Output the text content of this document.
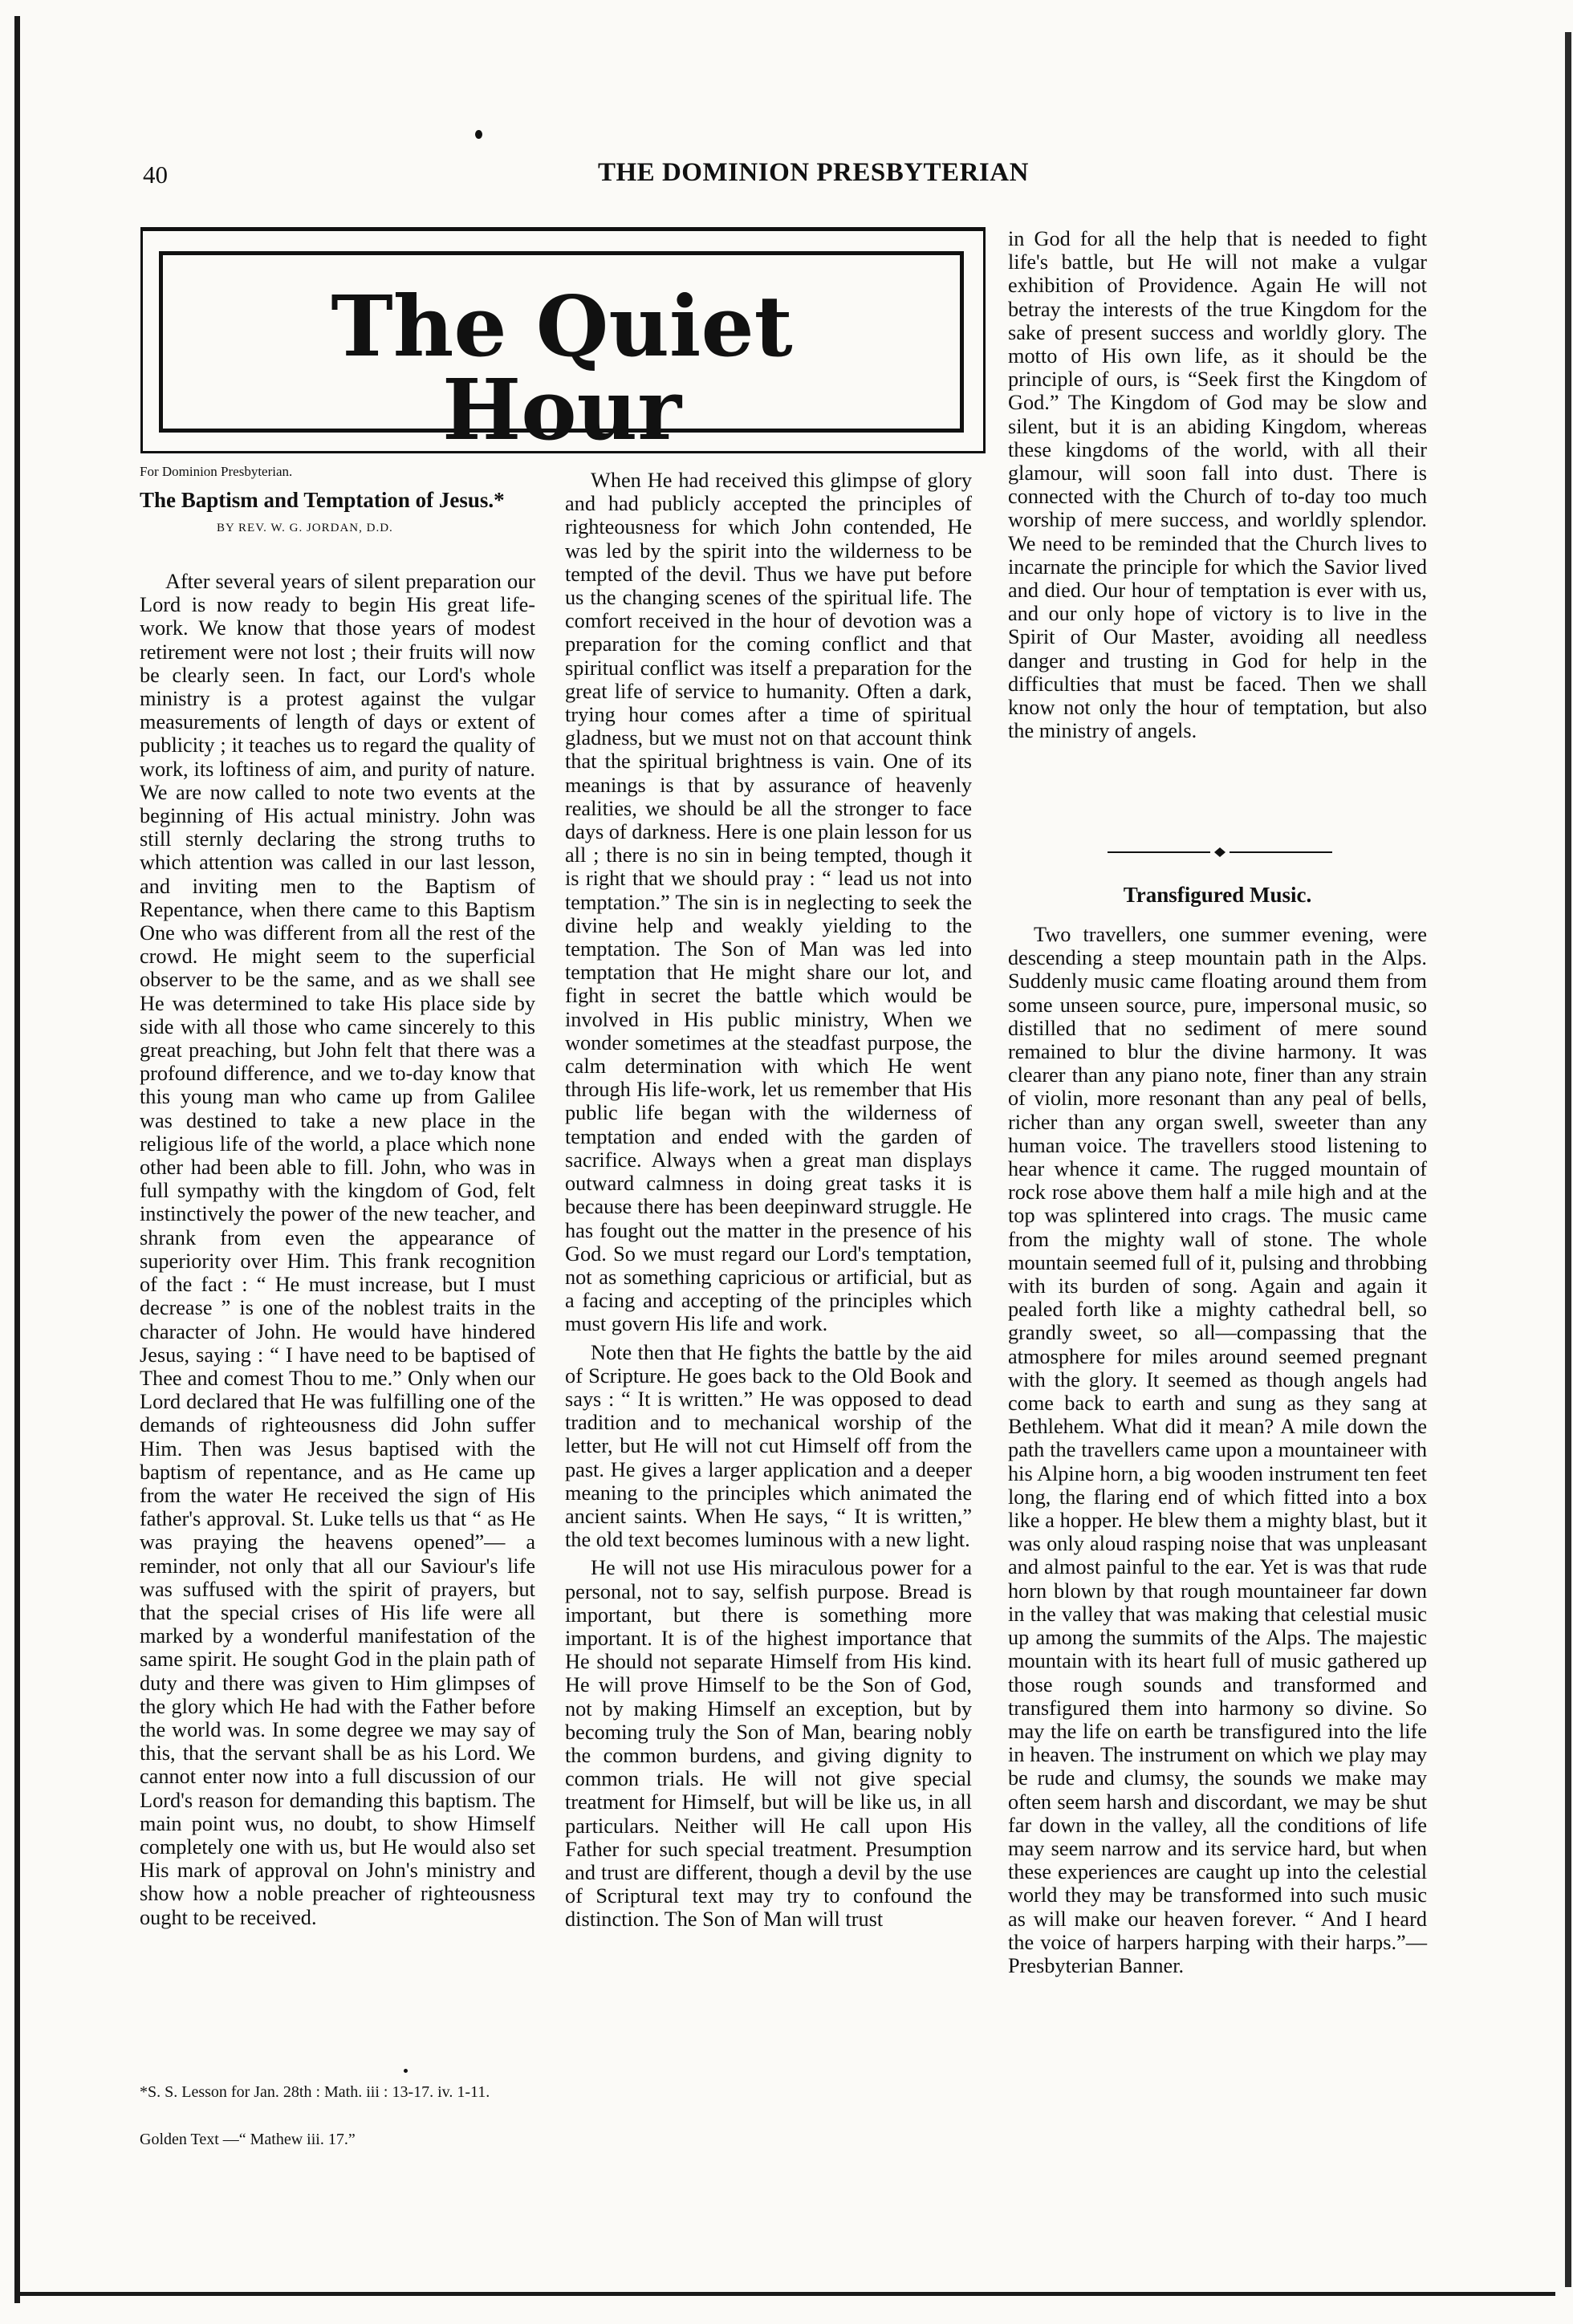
40	THE DOMINION PRESBYTERIAN
The Quiet Hour
For Dominion Presbyterian.
The Baptism and Temptation of Jesus.*
BY REV. W. G. JORDAN, D.D.

After several years of silent preparation our Lord is now ready to begin His great life-work. We know that those years of modest retirement were not lost ; their fruits will now be clearly seen. In fact, our Lord's whole ministry is a protest against the vulgar measurements of length of days or extent of publicity ; it teaches us to regard the quality of work, its loftiness of aim, and purity of nature. We are now called to note two events at the beginning of His actual ministry. John was still sternly declaring the strong truths to which attention was called in our last lesson, and inviting men to the Baptism of Repentance, when there came to this Baptism One who was different from all the rest of the crowd. He might seem to the superficial observer to be the same, and as we shall see He was determined to take His place side by side with all those who came sincerely to this great preaching, but John felt that there was a profound difference, and we to-day know that this young man who came up from Galilee was destined to take a new place in the religious life of the world, a place which none other had been able to fill. John, who was in full sympathy with the kingdom of God, felt instinctively the power of the new teacher, and shrank from even the appearance of superiority over Him. This frank recognition of the fact : “ He must increase, but I must decrease ” is one of the noblest traits in the character of John. He would have hindered Jesus, saying : “ I have need to be baptised of Thee and comest Thou to me.” Only when our Lord declared that He was fulfilling one of the demands of righteousness did John suffer Him. Then was Jesus baptised with the baptism of repentance, and as He came up from the water He received the sign of His father's approval. St. Luke tells us that “ as He was praying the heavens opened”— a reminder, not only that all our Saviour's life was suffused with the spirit of prayers, but that the special crises of His life were all marked by a wonderful manifestation of the same spirit. He sought God in the plain path of duty and there was given to Him glimpses of the glory which He had with the Father before the world was. In some degree we may say of this, that the servant shall be as his Lord. We cannot enter now into a full discussion of our Lord's reason for demanding this baptism. The main point wus, no doubt, to show Himself completely one with us, but He would also set His mark of approval on John's ministry and show how a noble preacher of righteousness ought to be received.

*S. S. Lesson for Jan. 28th : Math. iii : 13-17. iv. 1-11.
Golden Text —“ Mathew iii. 17.”

When He had received this glimpse of glory and had publicly accepted the principles of righteousness for which John contended, He was led by the spirit into the wilderness to be tempted of the devil. Thus we have put before us the changing scenes of the spiritual life. The comfort received in the hour of devotion was a preparation for the coming conflict and that spiritual conflict was itself a preparation for the great life of service to humanity. Often a dark, trying hour comes after a time of spiritual gladness, but we must not on that account think that the spiritual brightness is vain. One of its meanings is that by assurance of heavenly realities, we should be all the stronger to face days of darkness. Here is one plain lesson for us all ; there is no sin in being tempted, though it is right that we should pray : “ lead us not into temptation.” The sin is in neglecting to seek the divine help and weakly yielding to the temptation. The Son of Man was led into temptation that He might share our lot, and fight in secret the battle which would be involved in His public ministry, When we wonder sometimes at the steadfast purpose, the calm determination with which He went through His life-work, let us remember that His public life began with the wilderness of temptation and ended with the garden of sacrifice. Always when a great man displays outward calmness in doing great tasks it is because there has been deepinward struggle. He has fought out the matter in the presence of his God. So we must regard our Lord's temptation, not as something capricious or artificial, but as a facing and accepting of the principles which must govern His life and work.

Note then that He fights the battle by the aid of Scripture. He goes back to the Old Book and says : “ It is written.” He was opposed to dead tradition and to mechanical worship of the letter, but He will not cut Himself off from the past. He gives a larger application and a deeper meaning to the principles which animated the ancient saints. When He says, “ It is written,” the old text becomes luminous with a new light.

He will not use His miraculous power for a personal, not to say, selfish purpose. Bread is important, but there is something more important. It is of the highest importance that He should not separate Himself from His kind. He will prove Himself to be the Son of God, not by making Himself an exception, but by becoming truly the Son of Man, bearing nobly the common burdens, and giving dignity to common trials. He will not give special treatment for Himself, but will be like us, in all particulars. Neither will He call upon His Father for such special treatment. Presumption and trust are different, though a devil by the use of Scriptural text may try to confound the distinction. The Son of Man will trust

in God for all the help that is needed to fight life's battle, but He will not make a vulgar exhibition of Providence. Again He will not betray the interests of the true Kingdom for the sake of present success and worldly glory. The motto of His own life, as it should be the principle of ours, is “Seek first the Kingdom of God.” The Kingdom of God may be slow and silent, but it is an abiding Kingdom, whereas these kingdoms of the world, with all their glamour, will soon fall into dust. There is connected with the Church of to-day too much worship of mere success, and worldly splendor. We need to be reminded that the Church lives to incarnate the principle for which the Savior lived and died. Our hour of temptation is ever with us, and our only hope of victory is to live in the Spirit of Our Master, avoiding all needless danger and trusting in God for help in the difficulties that must be faced. Then we shall know not only the hour of temptation, but also the ministry of angels.

Transfigured Music.

Two travellers, one summer evening, were descending a steep mountain path in the Alps. Suddenly music came floating around them from some unseen source, pure, impersonal music, so distilled that no sediment of mere sound remained to blur the divine harmony. It was clearer than any piano note, finer than any strain of violin, more resonant than any peal of bells, richer than any organ swell, sweeter than any human voice. The travellers stood listening to hear whence it came. The rugged mountain of rock rose above them half a mile high and at the top was splintered into crags. The music came from the mighty wall of stone. The whole mountain seemed full of it, pulsing and throbbing with its burden of song. Again and again it pealed forth like a mighty cathedral bell, so grandly sweet, so all—compassing that the atmosphere for miles around seemed pregnant with the glory. It seemed as though angels had come back to earth and sung as they sang at Bethlehem. What did it mean? A mile down the path the travellers came upon a mountaineer with his Alpine horn, a big wooden instrument ten feet long, the flaring end of which fitted into a box like a hopper. He blew them a mighty blast, but it was only aloud rasping noise that was unpleasant and almost painful to the ear. Yet is was that rude horn blown by that rough mountaineer far down in the valley that was making that celestial music up among the summits of the Alps. The majestic mountain with its heart full of music gathered up those rough sounds and transformed and transfigured them into harmony so divine. So may the life on earth be transfigured into the life in heaven. The instrument on which we play may be rude and clumsy, the sounds we make may often seem harsh and discordant, we may be shut far down in the valley, all the conditions of life may seem narrow and its service hard, but when these experiences are caught up into the celestial world they may be transformed into such music as will make our heaven forever. “ And I heard the voice of harpers harping with their harps.”—Presbyterian Banner.
